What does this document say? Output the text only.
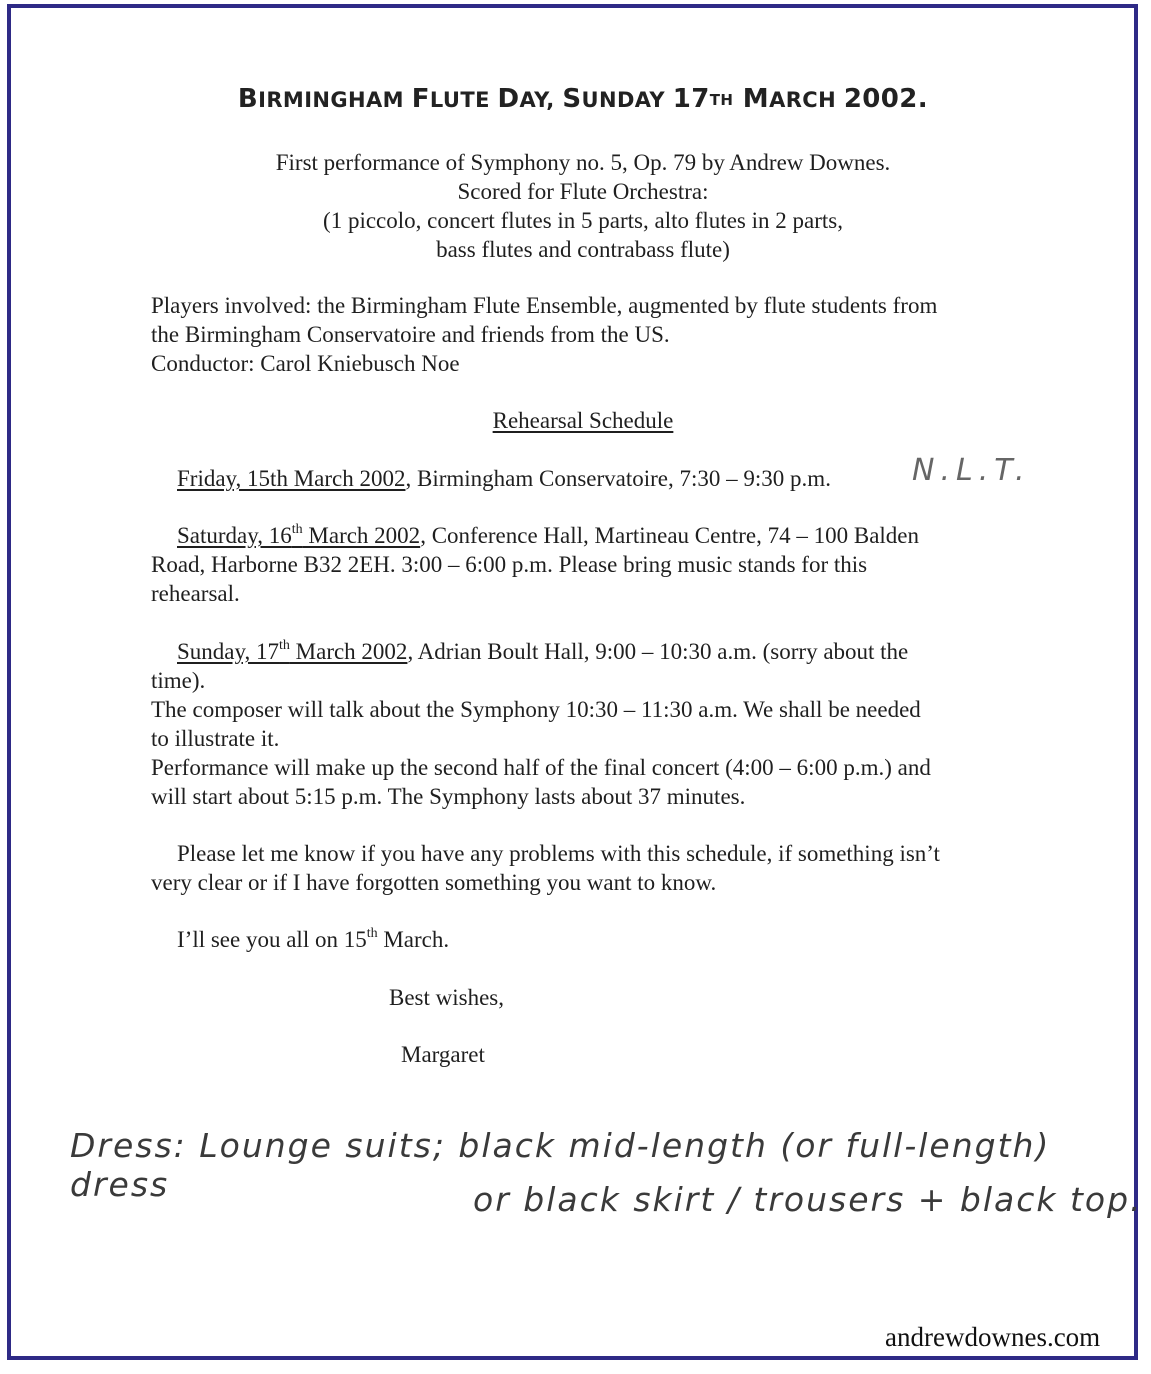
BIRMINGHAM FLUTE DAY, SUNDAY 17TH MARCH 2002.
First performance of Symphony no. 5, Op. 79 by Andrew Downes.
Scored for Flute Orchestra:
(1 piccolo, concert flutes in 5 parts, alto flutes in 2 parts,
bass flutes and contrabass flute)
Players involved: the Birmingham Flute Ensemble, augmented by flute students from
the Birmingham Conservatoire and friends from the US.
Conductor: Carol Kniebusch Noe
Rehearsal Schedule
Friday, 15th March 2002, Birmingham Conservatoire, 7:30 – 9:30 p.m.	N.L.T.
Saturday, 16th March 2002, Conference Hall, Martineau Centre, 74 – 100 Balden
Road, Harborne B32 2EH. 3:00 – 6:00 p.m. Please bring music stands for this
rehearsal.
Sunday, 17th March 2002, Adrian Boult Hall, 9:00 – 10:30 a.m. (sorry about the
time).
The composer will talk about the Symphony 10:30 – 11:30 a.m. We shall be needed
to illustrate it.
Performance will make up the second half of the final concert (4:00 – 6:00 p.m.) and
will start about 5:15 p.m. The Symphony lasts about 37 minutes.
Please let me know if you have any problems with this schedule, if something isn’t
very clear or if I have forgotten something you want to know.
I’ll see you all on 15th March.
Best wishes,
Margaret
Dress: Lounge suits; black mid-length (or full-length) dress	or black skirt / trousers + black top.
andrewdownes.com
